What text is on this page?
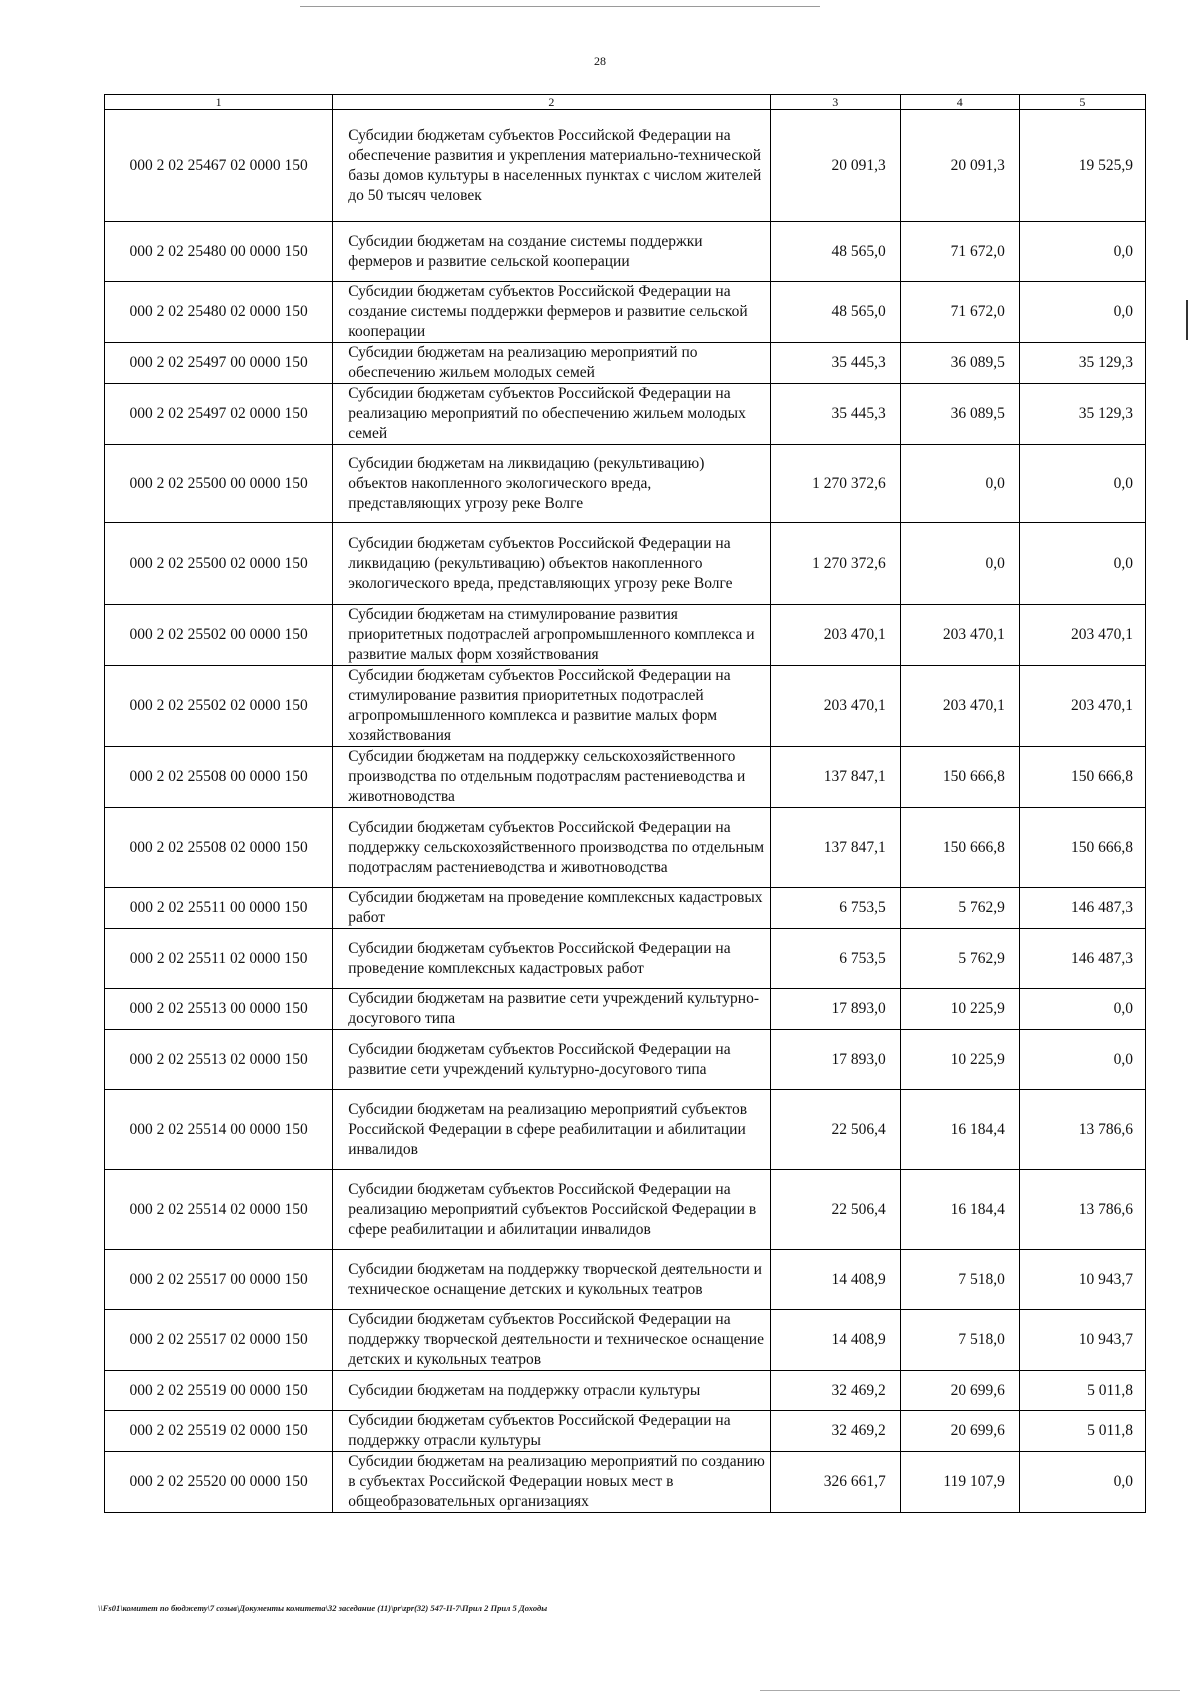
28
1	2	3	4	5
000 2 02 25467 02 0000 150	Субсидии бюджетам субъектов Российской Федерации на обеспечение развития и укрепления материально-технической базы домов культуры в населенных пунктах с числом жителей до 50 тысяч человек	20 091,3	20 091,3	19 525,9
000 2 02 25480 00 0000 150	Субсидии бюджетам на создание системы поддержки фермеров и развитие сельской кооперации	48 565,0	71 672,0	0,0
000 2 02 25480 02 0000 150	Субсидии бюджетам субъектов Российской Федерации на создание системы поддержки фермеров и развитие сельской кооперации	48 565,0	71 672,0	0,0
000 2 02 25497 00 0000 150	Субсидии бюджетам на реализацию мероприятий по обеспечению жильем молодых семей	35 445,3	36 089,5	35 129,3
000 2 02 25497 02 0000 150	Субсидии бюджетам субъектов Российской Федерации на реализацию мероприятий по обеспечению жильем молодых семей	35 445,3	36 089,5	35 129,3
000 2 02 25500 00 0000 150	Субсидии бюджетам на ликвидацию (рекультивацию) объектов накопленного экологического вреда, представляющих угрозу реке Волге	1 270 372,6	0,0	0,0
000 2 02 25500 02 0000 150	Субсидии бюджетам субъектов Российской Федерации на ликвидацию (рекультивацию) объектов накопленного экологического вреда, представляющих угрозу реке Волге	1 270 372,6	0,0	0,0
000 2 02 25502 00 0000 150	Субсидии бюджетам на стимулирование развития приоритетных подотраслей агропромышленного комплекса и развитие малых форм хозяйствования	203 470,1	203 470,1	203 470,1
000 2 02 25502 02 0000 150	Субсидии бюджетам субъектов Российской Федерации на стимулирование развития приоритетных подотраслей агропромышленного комплекса и развитие малых форм хозяйствования	203 470,1	203 470,1	203 470,1
000 2 02 25508 00 0000 150	Субсидии бюджетам на поддержку сельскохозяйственного производства по отдельным подотраслям растениеводства и животноводства	137 847,1	150 666,8	150 666,8
000 2 02 25508 02 0000 150	Субсидии бюджетам субъектов Российской Федерации на поддержку сельскохозяйственного производства по отдельным подотраслям растениеводства и животноводства	137 847,1	150 666,8	150 666,8
000 2 02 25511 00 0000 150	Субсидии бюджетам на проведение комплексных кадастровых работ	6 753,5	5 762,9	146 487,3
000 2 02 25511 02 0000 150	Субсидии бюджетам субъектов Российской Федерации на проведение комплексных кадастровых работ	6 753,5	5 762,9	146 487,3
000 2 02 25513 00 0000 150	Субсидии бюджетам на развитие сети учреждений культурно-досугового типа	17 893,0	10 225,9	0,0
000 2 02 25513 02 0000 150	Субсидии бюджетам субъектов Российской Федерации на развитие сети учреждений культурно-досугового типа	17 893,0	10 225,9	0,0
000 2 02 25514 00 0000 150	Субсидии бюджетам на реализацию мероприятий субъектов Российской Федерации в сфере реабилитации и абилитации инвалидов	22 506,4	16 184,4	13 786,6
000 2 02 25514 02 0000 150	Субсидии бюджетам субъектов Российской Федерации на реализацию мероприятий субъектов Российской Федерации в сфере реабилитации и абилитации инвалидов	22 506,4	16 184,4	13 786,6
000 2 02 25517 00 0000 150	Субсидии бюджетам на поддержку творческой деятельности и техническое оснащение детских и кукольных театров	14 408,9	7 518,0	10 943,7
000 2 02 25517 02 0000 150	Субсидии бюджетам субъектов Российской Федерации на поддержку творческой деятельности и техническое оснащение детских и кукольных театров	14 408,9	7 518,0	10 943,7
000 2 02 25519 00 0000 150	Субсидии бюджетам на поддержку отрасли культуры	32 469,2	20 699,6	5 011,8
000 2 02 25519 02 0000 150	Субсидии бюджетам субъектов Российской Федерации на поддержку отрасли культуры	32 469,2	20 699,6	5 011,8
000 2 02 25520 00 0000 150	Субсидии бюджетам на реализацию мероприятий по созданию в субъектах Российской Федерации новых мест в общеобразовательных организациях	326 661,7	119 107,9	0,0
\\Fs01\комитет по бюджету\7 созыв\Документы комитета\32 заседание (11)\pr\zpr(32) 547-II-7\Прил 2 Прил 5 Доходы
